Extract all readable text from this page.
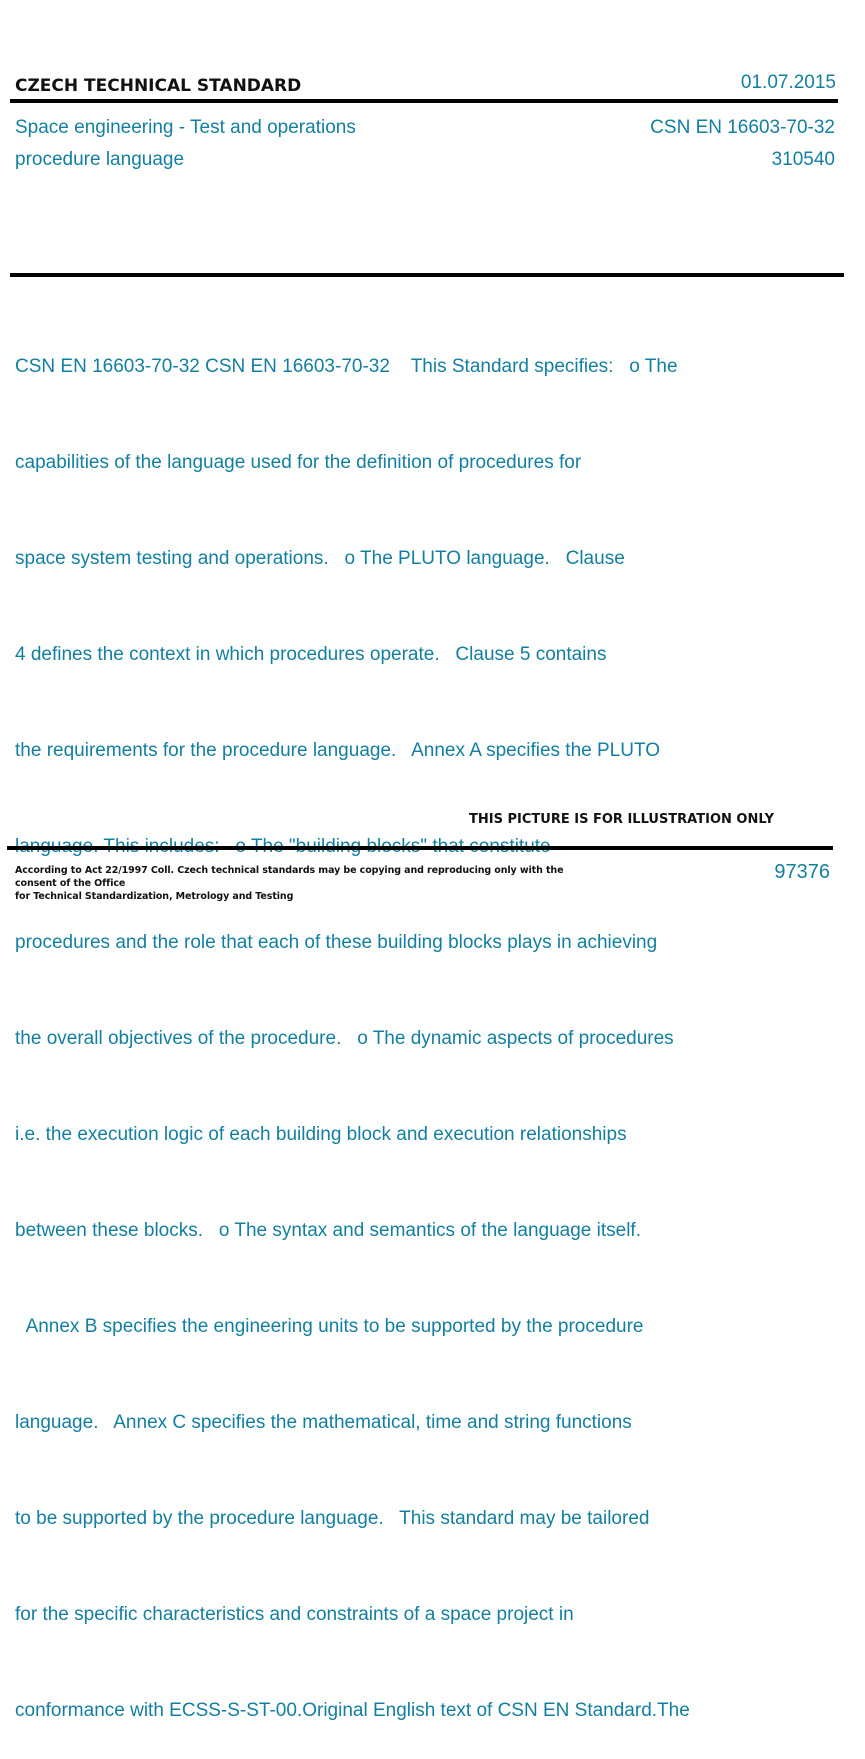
CZECH TECHNICAL STANDARD	01.07.2015
Space engineering - Test and operations
procedure language
CSN EN 16603-70-32
310540

CSN EN 16603-70-32 CSN EN 16603-70-32    This Standard specifies:   o The

capabilities of the language used for the definition of procedures for

space system testing and operations.   o The PLUTO language.   Clause

4 defines the context in which procedures operate.   Clause 5 contains

the requirements for the procedure language.   Annex A specifies the PLUTO

procedures and the role that each of these building blocks plays in achieving

the overall objectives of the procedure.   o The dynamic aspects of procedures

i.e. the execution logic of each building block and execution relationships

between these blocks.   o The syntax and semantics of the language itself.

Annex B specifies the engineering units to be supported by the procedure

language.   Annex C specifies the mathematical, time and string functions

to be supported by the procedure language.   This standard may be tailored

for the specific characteristics and constraints of a space project in

conformance with ECSS-S-ST-00.Original English text of CSN EN Standard.The

THIS PICTURE IS FOR ILLUSTRATION ONLY
According to Act 22/1997 Coll. Czech technical standards may be copying and reproducing only with the consent of the Office
for Technical Standardization, Metrology and Testing
97376
